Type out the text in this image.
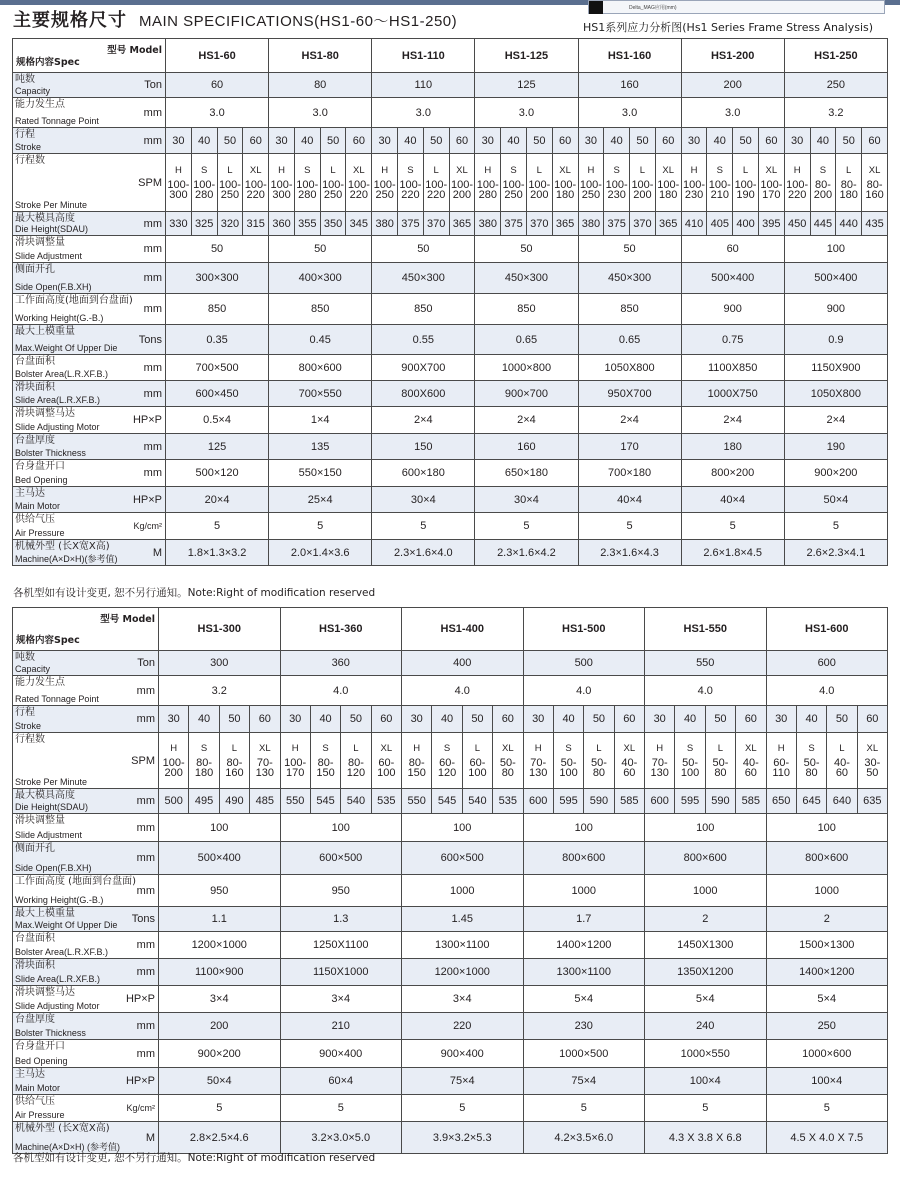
Delta_MAG应用(mm)
HS1系列应力分析图(Hs1 Series Frame Stress Analysis)
主要规格尺寸 MAIN SPECIFICATIONS(HS1-60～HS1-250)
型号 Model
规格内容Spec	HS1-60				HS1-80				HS1-110				HS1-125				HS1-160				HS1-200				HS1-250			

吨数
Capacity Ton	60				80				110				125				160				200				250			

能力发生点
Rated Tonnage Point
mm	3.0				3.0				3.0				3.0				3.0				3.0				3.2			

行程
Stroke
mm	30	40	50	60	30	40	50	60	30	40	50	60	30	40	50	60	30	40	50	60	30	40	50	60	30	40	50	60

行程数
Stroke Per Minute
SPM	H
100-
300	S
100-
280	L
100-
250	XL
100-
220	H
100-
300	S
100-
280	L
100-
250	XL
100-
220	H
100-
250	S
100-
220	L
100-
220	XL
100-
200	H
100-
280	S
100-
250	L
100-
200	XL
100-
180	H
100-
250	S
100-
230	L
100-
200	XL
100-
180	H
100-
230	S
100-
210	L
100-
190	XL
100-
170	H
100-
220	S
80-
200	L
80-
180	XL
80-
160

最大模具高度
Die Height(SDAU) mm	330	325	320	315	360	355	350	345	380	375	370	365	380	375	370	365	380	375	370	365	410	405	400	395	450	445	440	435

滑块调整量
Slide Adjustment
mm	50				50				50				50				50				60				100			

侧面开孔
Side Open(F.B.XH)
mm	300×300				400×300				450×300				450×300				450×300				500×400				500×400			

工作面高度(地面到台盘面)
Working Height(G.-B.)
mm	850				850				850				850				850				900				900			

最大上模重量
Max.Weight Of Upper Die
Tons	0.35				0.45				0.55				0.65				0.65				0.75				0.9			

台盘面积
Bolster Area(L.R.XF.B.)
mm	700×500				800×600				900X700				1000×800				1050X800				1100X850				1150X900			

滑块面积
Slide Area(L.R.XF.B.)
mm	600×450				700×550				800X600				900×700				950X700				1000X750				1050X800			

滑块调整马达
Slide Adjusting Motor
HP×P	0.5×4				1×4				2×4				2×4				2×4				2×4				2×4			

台盘厚度
Bolster Thickness
mm	125				135				150				160				170				180				190			

台身盘开口
Bed Opening
mm	500×120				550×150				600×180				650×180				700×180				800×200				900×200			

主马达
Main Motor
HP×P	20×4				25×4				30×4				30×4				40×4				40×4				50×4			

供给气压
Air Pressure
Kg/cm²	5				5				5				5				5				5				5			

机械外型 (长X宽X高)
Machine(A×D×H)(参考值)
M	1.8×1.3×3.2				2.0×1.4×3.6				2.3×1.6×4.0				2.3×1.6×4.2				2.3×1.6×4.3				2.6×1.8×4.5				2.6×2.3×4.1			
各机型如有设计变更, 恕不另行通知。Note:Right of modification reserved
型号 Model
规格内容Spec	HS1-300				HS1-360				HS1-400				HS1-500				HS1-550				HS1-600			

吨数
Capacity Ton	300				360				400				500				550				600			

能力发生点
Rated Tonnage Point
mm	3.2				4.0				4.0				4.0				4.0				4.0			

行程
Stroke
mm	30	40	50	60	30	40	50	60	30	40	50	60	30	40	50	60	30	40	50	60	30	40	50	60

行程数
Stroke Per Minute
SPM	H
100-
200	S
80-
180	L
80-
160	XL
70-
130	H
100-
170	S
80-
150	L
80-
120	XL
60-
100	H
80-
150	S
60-
120	L
60-
100	XL
50-
80	H
70-
130	S
50-
100	L
50-
80	XL
40-
60	H
70-
130	S
50-
100	L
50-
80	XL
40-
60	H
60-
110	S
50-
80	L
40-
60	XL
30-
50

最大模具高度
Die Height(SDAU) mm	500	495	490	485	550	545	540	535	550	545	540	535	600	595	590	585	600	595	590	585	650	645	640	635

滑块调整量
Slide Adjustment
mm	100				100				100				100				100				100			

侧面开孔
Side Open(F.B.XH)
mm	500×400				600×500				600×500				800×600				800×600				800×600			

工作面高度 (地面到台盘面)
Working Height(G.-B.)
mm	950				950				1000				1000				1000				1000			

最大上模重量
Max.Weight Of Upper Die Tons	1.1				1.3				1.45				1.7				2				2			

台盘面积
Bolster Area(L.R.XF.B.)
mm	1200×1000				1250X1100				1300×1100				1400×1200				1450X1300				1500×1300			

滑块面积
Slide Area(L.R.XF.B.)
mm	1100×900				1150X1000				1200×1000				1300×1100				1350X1200				1400×1200			

滑块调整马达
Slide Adjusting Motor
HP×P	3×4				3×4				3×4				5×4				5×4				5×4			

台盘厚度
Bolster Thickness
mm	200				210				220				230				240				250			

台身盘开口
Bed Opening
mm	900×200				900×400				900×400				1000×500				1000×550				1000×600			

主马达
Main Motor
HP×P	50×4				60×4				75×4				75×4				100×4				100×4			

供给气压
Air Pressure
Kg/cm²	5				5				5				5				5				5			

机械外型 (长X宽X高)
Machine(A×D×H) (参考值)
M	2.8×2.5×4.6				3.2×3.0×5.0				3.9×3.2×5.3				4.2×3.5×6.0				4.3 X 3.8 X 6.8				4.5 X 4.0 X 7.5			
各机型如有设计变更, 恕不另行通知。Note:Right of modification reserved
